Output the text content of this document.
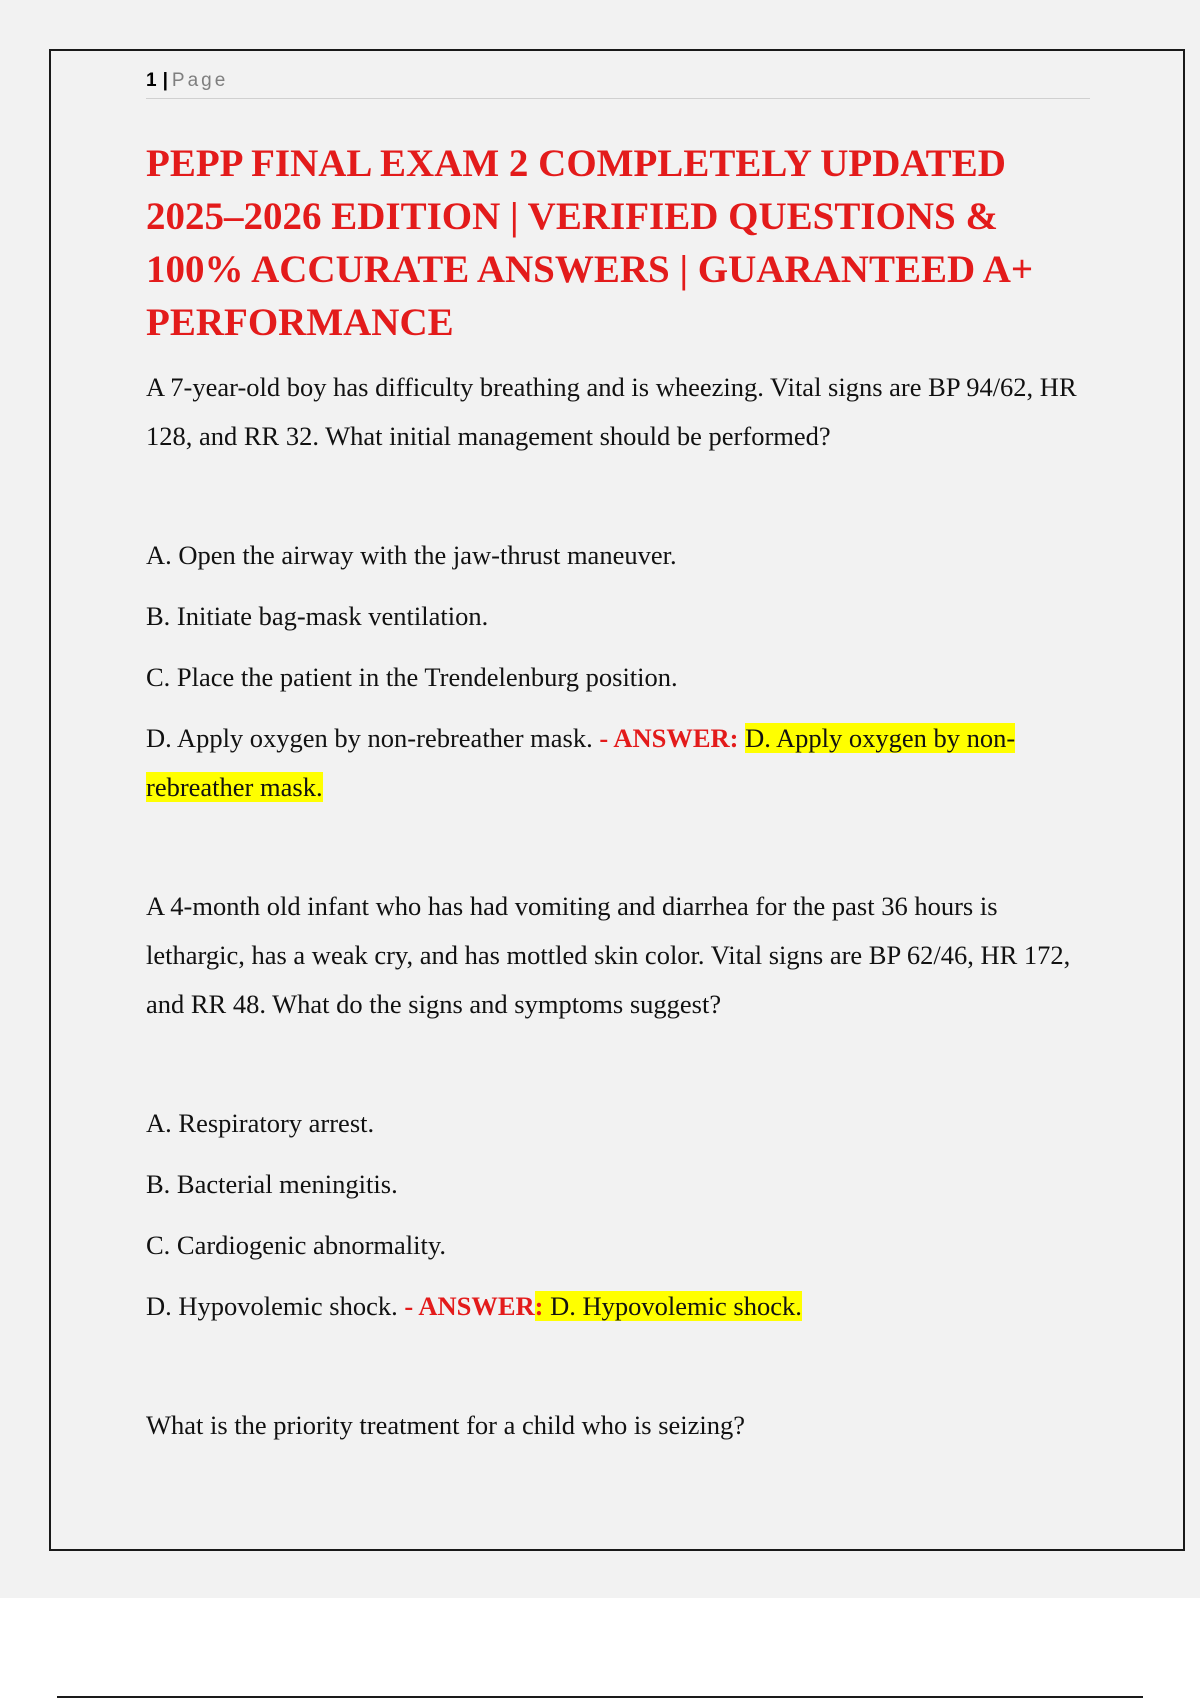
1 | Page
PEPP FINAL EXAM 2 COMPLETELY UPDATED 2025–2026 EDITION | VERIFIED QUESTIONS & 100% ACCURATE ANSWERS | GUARANTEED A+ PERFORMANCE

A 7-year-old boy has difficulty breathing and is wheezing. Vital signs are BP 94/62, HR 128, and RR 32. What initial management should be performed?

A. Open the airway with the jaw-thrust maneuver.

B. Initiate bag-mask ventilation.

C. Place the patient in the Trendelenburg position.

D. Apply oxygen by non-rebreather mask. - ANSWER: D. Apply oxygen by non-rebreather mask.

A 4-month old infant who has had vomiting and diarrhea for the past 36 hours is lethargic, has a weak cry, and has mottled skin color. Vital signs are BP 62/46, HR 172, and RR 48. What do the signs and symptoms suggest?

A. Respiratory arrest.

B. Bacterial meningitis.

C. Cardiogenic abnormality.

D. Hypovolemic shock. - ANSWER: D. Hypovolemic shock.

What is the priority treatment for a child who is seizing?
